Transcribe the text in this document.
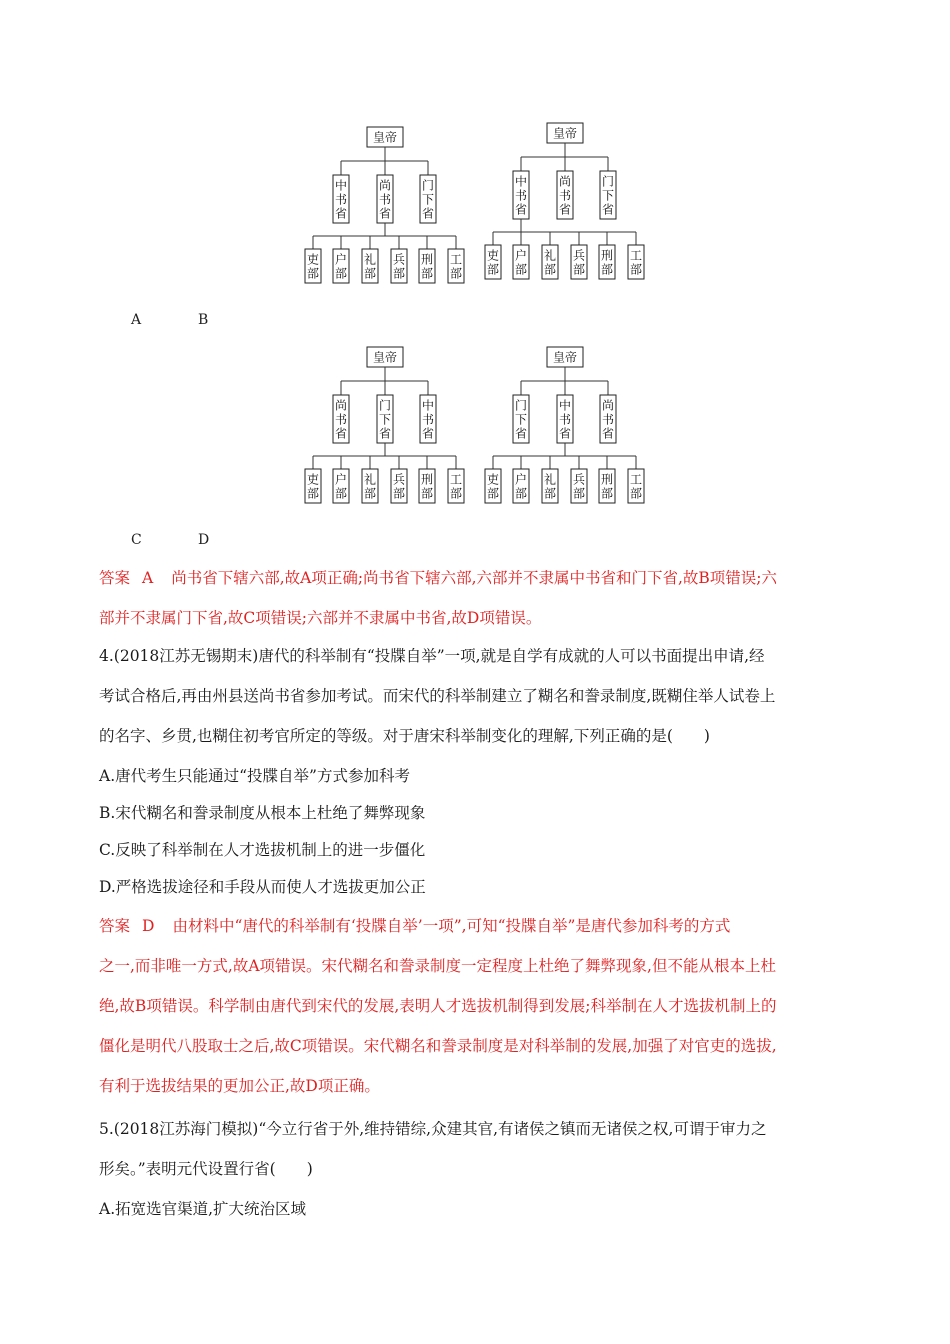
皇帝
中
书
省
尚
书
省
门
下
省
吏
部
户
部
礼
部
兵
部
刑
部
工
部
皇帝
中
书
省
尚
书
省
门
下
省
吏
部
户
部
礼
部
兵
部
刑
部
工
部
皇帝
尚
书
省
门
下
省
中
书
省
吏
部
户
部
礼
部
兵
部
刑
部
工
部
皇帝
门
下
省
中
书
省
尚
书
省
吏
部
户
部
礼
部
兵
部
刑
部
工
部
A	B
C	D
答案 A 尚书省下辖六部,故A项正确;尚书省下辖六部,六部并不隶属中书省和门下省,故B项错误;六
部并不隶属门下省,故C项错误;六部并不隶属中书省,故D项错误。
4.(2018江苏无锡期末)唐代的科举制有“投牒自举”一项,就是自学有成就的人可以书面提出申请,经
考试合格后,再由州县送尚书省参加考试。而宋代的科举制建立了糊名和誊录制度,既糊住举人试卷上
的名字、乡贯,也糊住初考官所定的等级。对于唐宋科举制变化的理解,下列正确的是(　　)
A.唐代考生只能通过“投牒自举”方式参加科考
B.宋代糊名和誊录制度从根本上杜绝了舞弊现象
C.反映了科举制在人才选拔机制上的进一步僵化
D.严格选拔途径和手段从而使人才选拔更加公正
答案 D 由材料中“唐代的科举制有‘投牒自举’一项”,可知“投牒自举”是唐代参加科考的方式
之一,而非唯一方式,故A项错误。宋代糊名和誊录制度一定程度上杜绝了舞弊现象,但不能从根本上杜
绝,故B项错误。科学制由唐代到宋代的发展,表明人才选拔机制得到发展;科举制在人才选拔机制上的
僵化是明代八股取士之后,故C项错误。宋代糊名和誊录制度是对科举制的发展,加强了对官吏的选拔,
有利于选拔结果的更加公正,故D项正确。
5.(2018江苏海门模拟)“今立行省于外,维持错综,众建其官,有诸侯之镇而无诸侯之权,可谓于审力之
形矣。”表明元代设置行省(　　)
A.拓宽选官渠道,扩大统治区域
